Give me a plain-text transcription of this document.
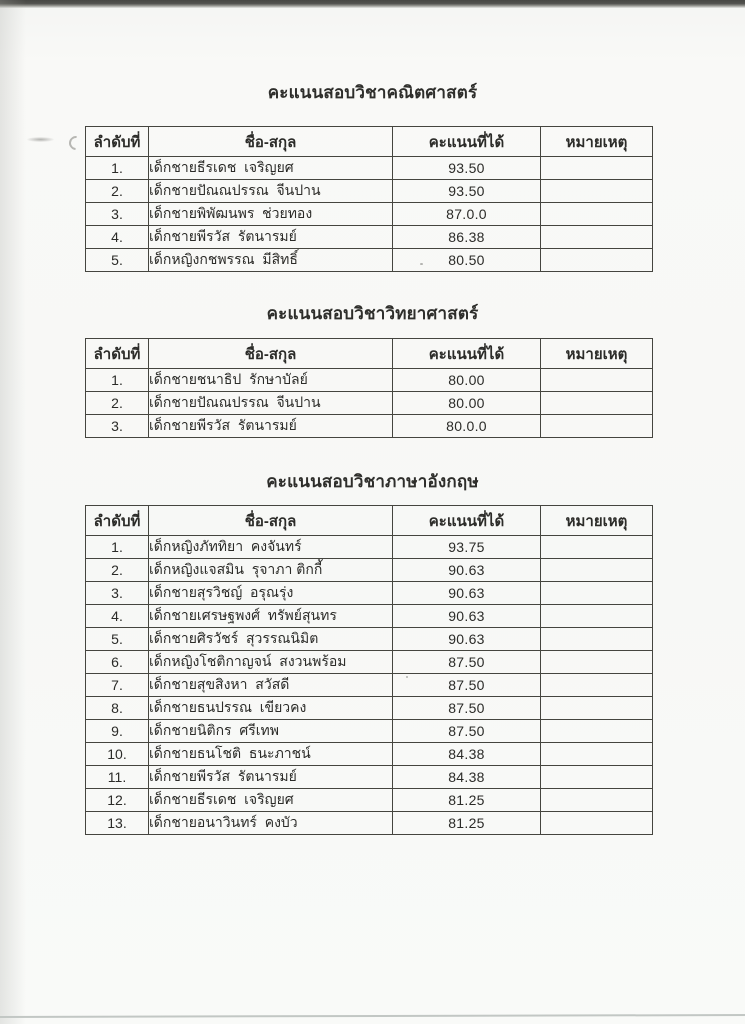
คะแนนสอบวิชาคณิตศาสตร์
ลำดับที่	ชื่อ-สกุล	คะแนนที่ได้	หมายเหตุ
1.	เด็กชายธีรเดช  เจริญยศ	93.50	
2.	เด็กชายปัณณปรรณ  จีนปาน	93.50	
3.	เด็กชายพิพัฒนพร  ช่วยทอง	87.0.0	
4.	เด็กชายพีรวัส  รัตนารมย์	86.38	
5.	เด็กหญิงกชพรรณ  มีสิทธิ์	80.50	
คะแนนสอบวิชาวิทยาศาสตร์
ลำดับที่	ชื่อ-สกุล	คะแนนที่ได้	หมายเหตุ
1.	เด็กชายชนาธิป  รักษาบัลย์	80.00	
2.	เด็กชายปัณณปรรณ  จีนปาน	80.00	
3.	เด็กชายพีรวัส  รัตนารมย์	80.0.0	
คะแนนสอบวิชาภาษาอังกฤษ
ลำดับที่	ชื่อ-สกุล	คะแนนที่ได้	หมายเหตุ
1.	เด็กหญิงภัททิยา  คงจันทร์	93.75	
2.	เด็กหญิงแจสมิน  รุจาภา ติกกี้	90.63	
3.	เด็กชายสุรวิชญ์  อรุณรุ่ง	90.63	
4.	เด็กชายเศรษฐพงศ์  ทรัพย์สุนทร	90.63	
5.	เด็กชายศิรวัชร์  สุวรรณนิมิต	90.63	
6.	เด็กหญิงโชติกาญจน์  สงวนพร้อม	87.50	
7.	เด็กชายสุขสิงหา  สวัสดี	87.50	
8.	เด็กชายธนปรรณ  เขียวคง	87.50	
9.	เด็กชายนิติกร  ศรีเทพ	87.50	
10.	เด็กชายธนโชติ  ธนะภาชน์	84.38	
11.	เด็กชายพีรวัส  รัตนารมย์	84.38	
12.	เด็กชายธีรเดช  เจริญยศ	81.25	
13.	เด็กชายอนาวินทร์  คงบัว	81.25	
